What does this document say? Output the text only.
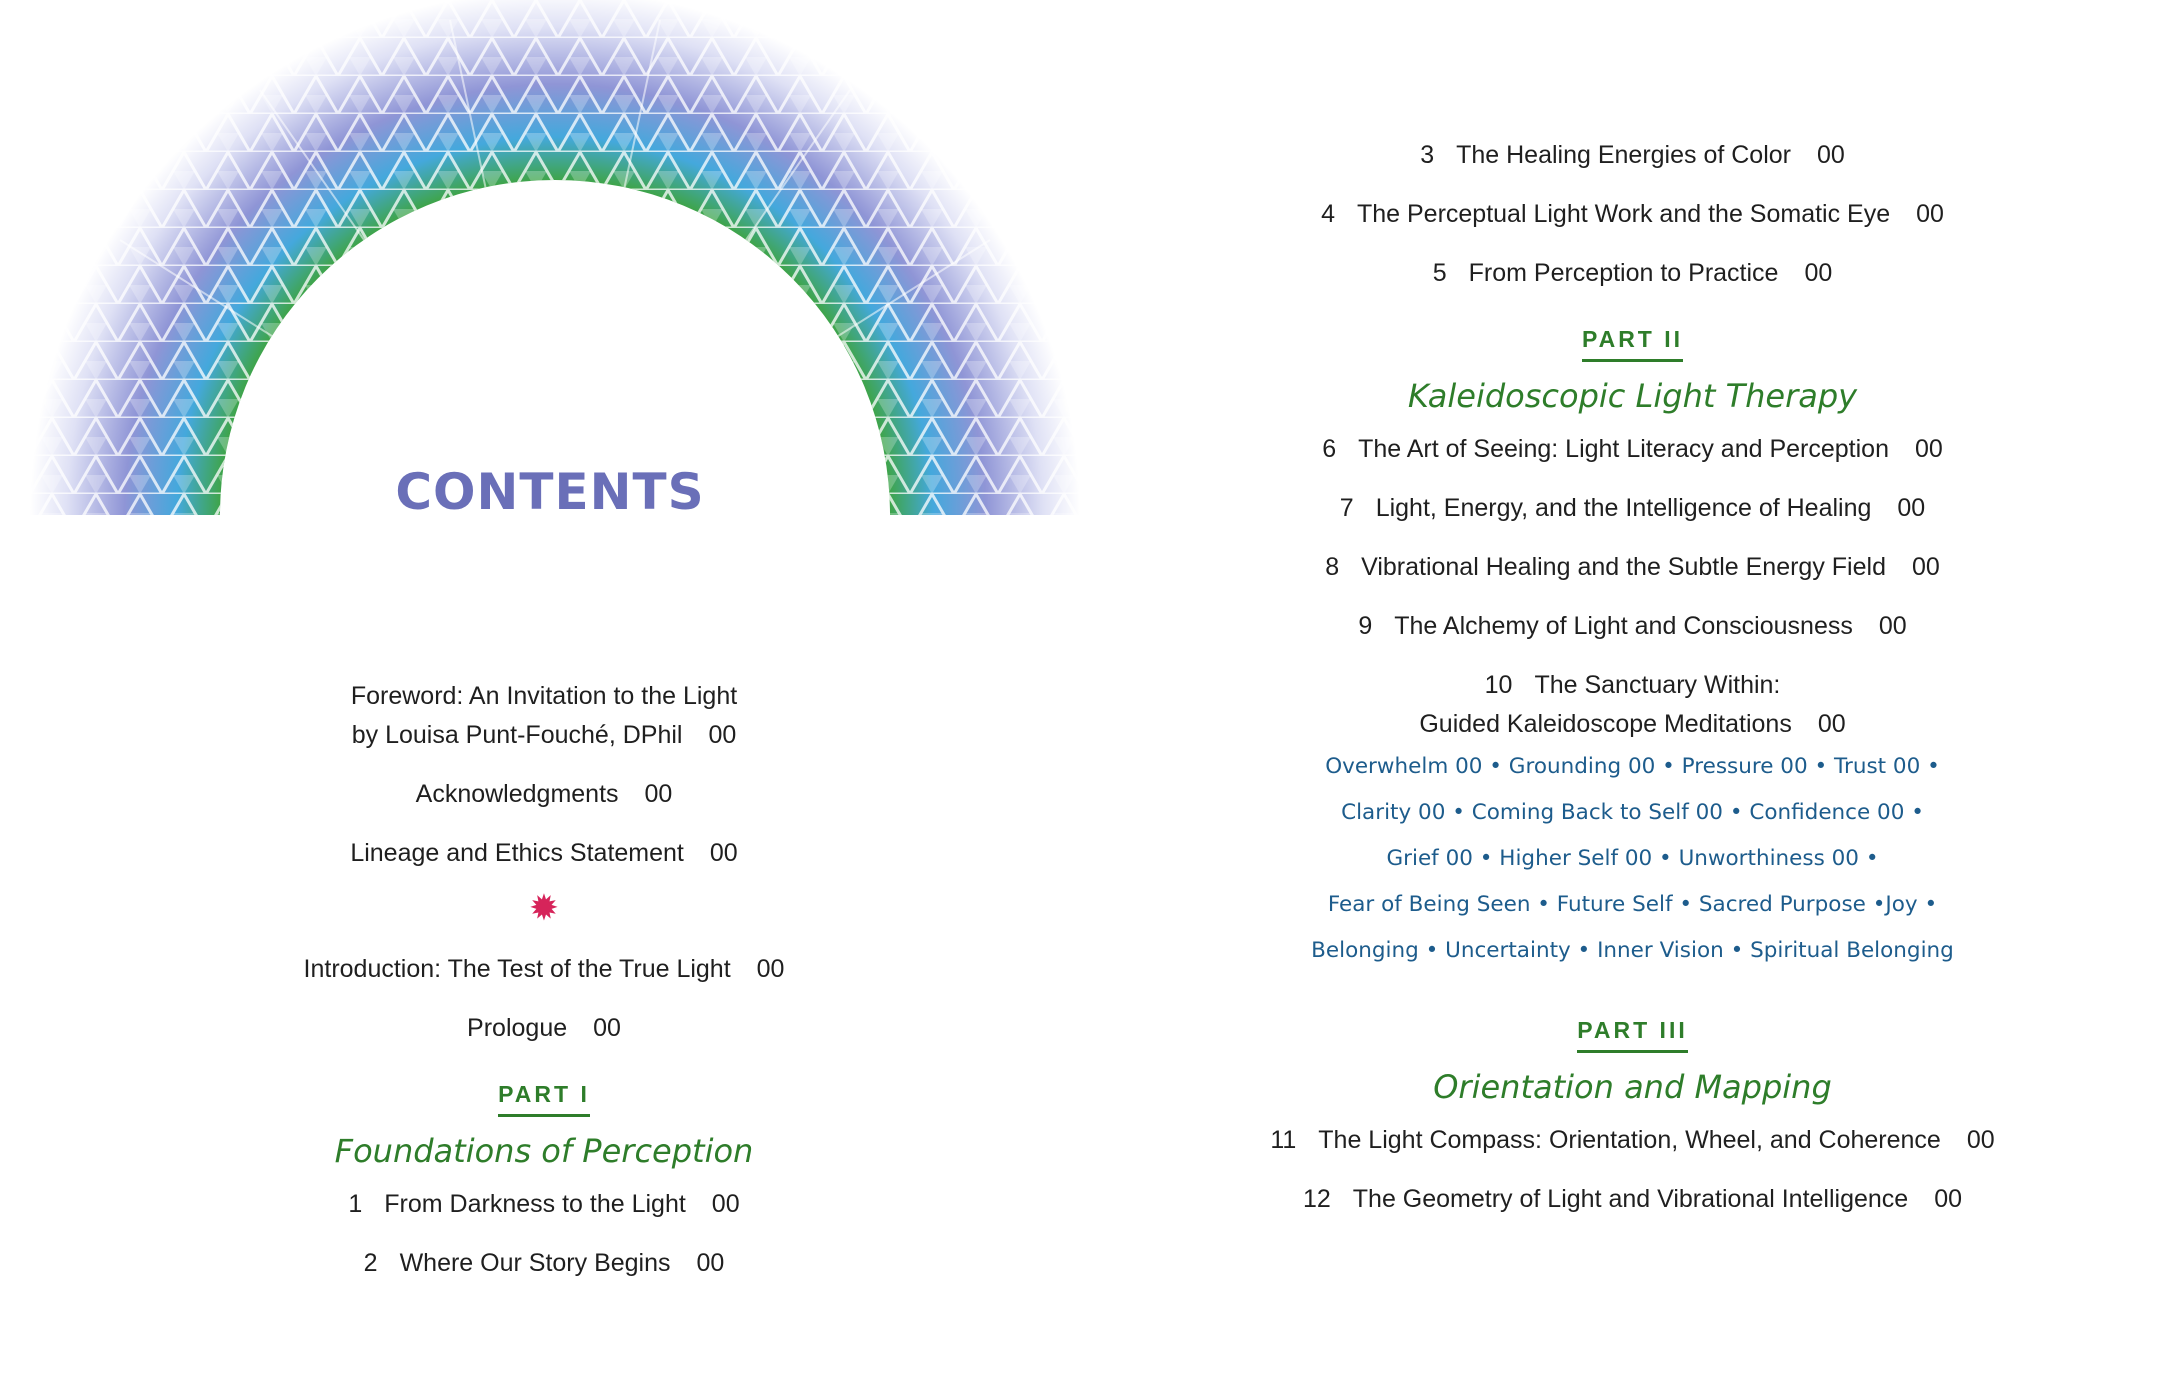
CONTENTS
Foreword: An Invitation to the Light
by Louisa Punt-Fouché, DPhil 00
Acknowledgments 00
Lineage and Ethics Statement 00
✹
Introduction: The Test of the True Light 00
Prologue 00
PART I
Foundations of Perception
1 From Darkness to the Light 00
2 Where Our Story Begins 00
3 The Healing Energies of Color 00
4 The Perceptual Light Work and the Somatic Eye 00
5 From Perception to Practice 00
PART II
Kaleidoscopic Light Therapy
6 The Art of Seeing: Light Literacy and Perception 00
7 Light, Energy, and the Intelligence of Healing 00
8 Vibrational Healing and the Subtle Energy Field 00
9 The Alchemy of Light and Consciousness 00
10 The Sanctuary Within:
Guided Kaleidoscope Meditations 00
Overwhelm 00 • Grounding 00 • Pressure 00 • Trust 00 •
Clarity 00 • Coming Back to Self 00 • Confidence 00 •
Grief 00 • Higher Self 00 • Unworthiness 00 •
Fear of Being Seen • Future Self • Sacred Purpose •Joy •
Belonging • Uncertainty • Inner Vision • Spiritual Belonging
PART III
Orientation and Mapping
11 The Light Compass: Orientation, Wheel, and Coherence 00
12 The Geometry of Light and Vibrational Intelligence 00
